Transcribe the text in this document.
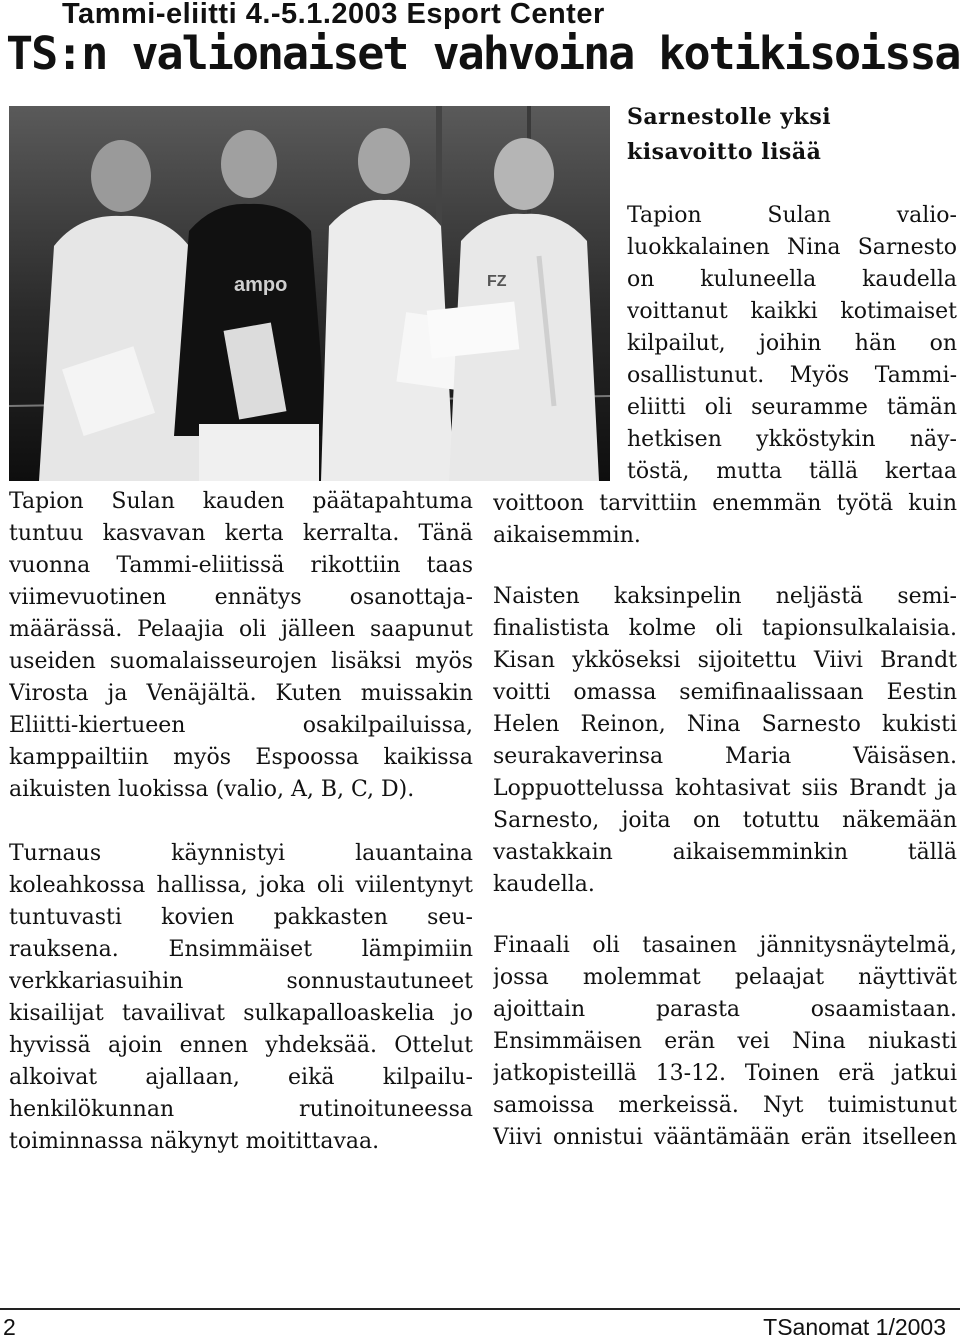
Tammi-eliitti 4.-5.1.2003 Esport Center
TS:n valionaiset vahvoina kotikisoissa
ampo	FZ
Sarnestolle yksi
kisavoitto lisää
Tapion Sulan valio-
luokkalainen Nina Sarnesto
on kuluneella kaudella
voittanut kaikki kotimaiset
kilpailut, joihin hän on
osallistunut. Myös Tammi-
eliitti oli seuramme tämän
hetkisen ykköstykin näy-
töstä, mutta tällä kertaa
voittoon tarvittiin enemmän työtä kuin
aikaisemmin.
Naisten kaksinpelin neljästä semi-
finalistista kolme oli tapionsulkalaisia.
Kisan ykköseksi sijoitettu Viivi Brandt
voitti omassa semifinaalissaan Eestin
Helen Reinon, Nina Sarnesto kukisti
seurakaverinsa Maria Väisäsen.
Loppuottelussa kohtasivat siis Brandt ja
Sarnesto, joita on totuttu näkemään
vastakkain aikaisemminkin tällä
kaudella.
Finaali oli tasainen jännitysnäytelmä,
jossa molemmat pelaajat näyttivät
ajoittain parasta osaamistaan.
Ensimmäisen erän vei Nina niukasti
jatkopisteillä 13-12. Toinen erä jatkui
samoissa merkeissä. Nyt tuimistunut
Viivi onnistui vääntämään erän itselleen
Tapion Sulan kauden päätapahtuma
tuntuu kasvavan kerta kerralta. Tänä
vuonna Tammi-eliitissä rikottiin taas
viimevuotinen ennätys osanottaja-
määrässä. Pelaajia oli jälleen saapunut
useiden suomalaisseurojen lisäksi myös
Virosta ja Venäjältä. Kuten muissakin
Eliitti-kiertueen osakilpailuissa,
kamppailtiin myös Espoossa kaikissa
aikuisten luokissa (valio, A, B, C, D).
Turnaus käynnistyi lauantaina
koleahkossa hallissa, joka oli viilentynyt
tuntuvasti kovien pakkasten seu-
rauksena. Ensimmäiset lämpimiin
verkkariasuihin sonnustautuneet
kisailijat tavailivat sulkapalloaskelia jo
hyvissä ajoin ennen yhdeksää. Ottelut
alkoivat ajallaan, eikä kilpailu-
henkilökunnan rutinoituneessa
toiminnassa näkynyt moitittavaa.

2	TSanomat 1/2003
